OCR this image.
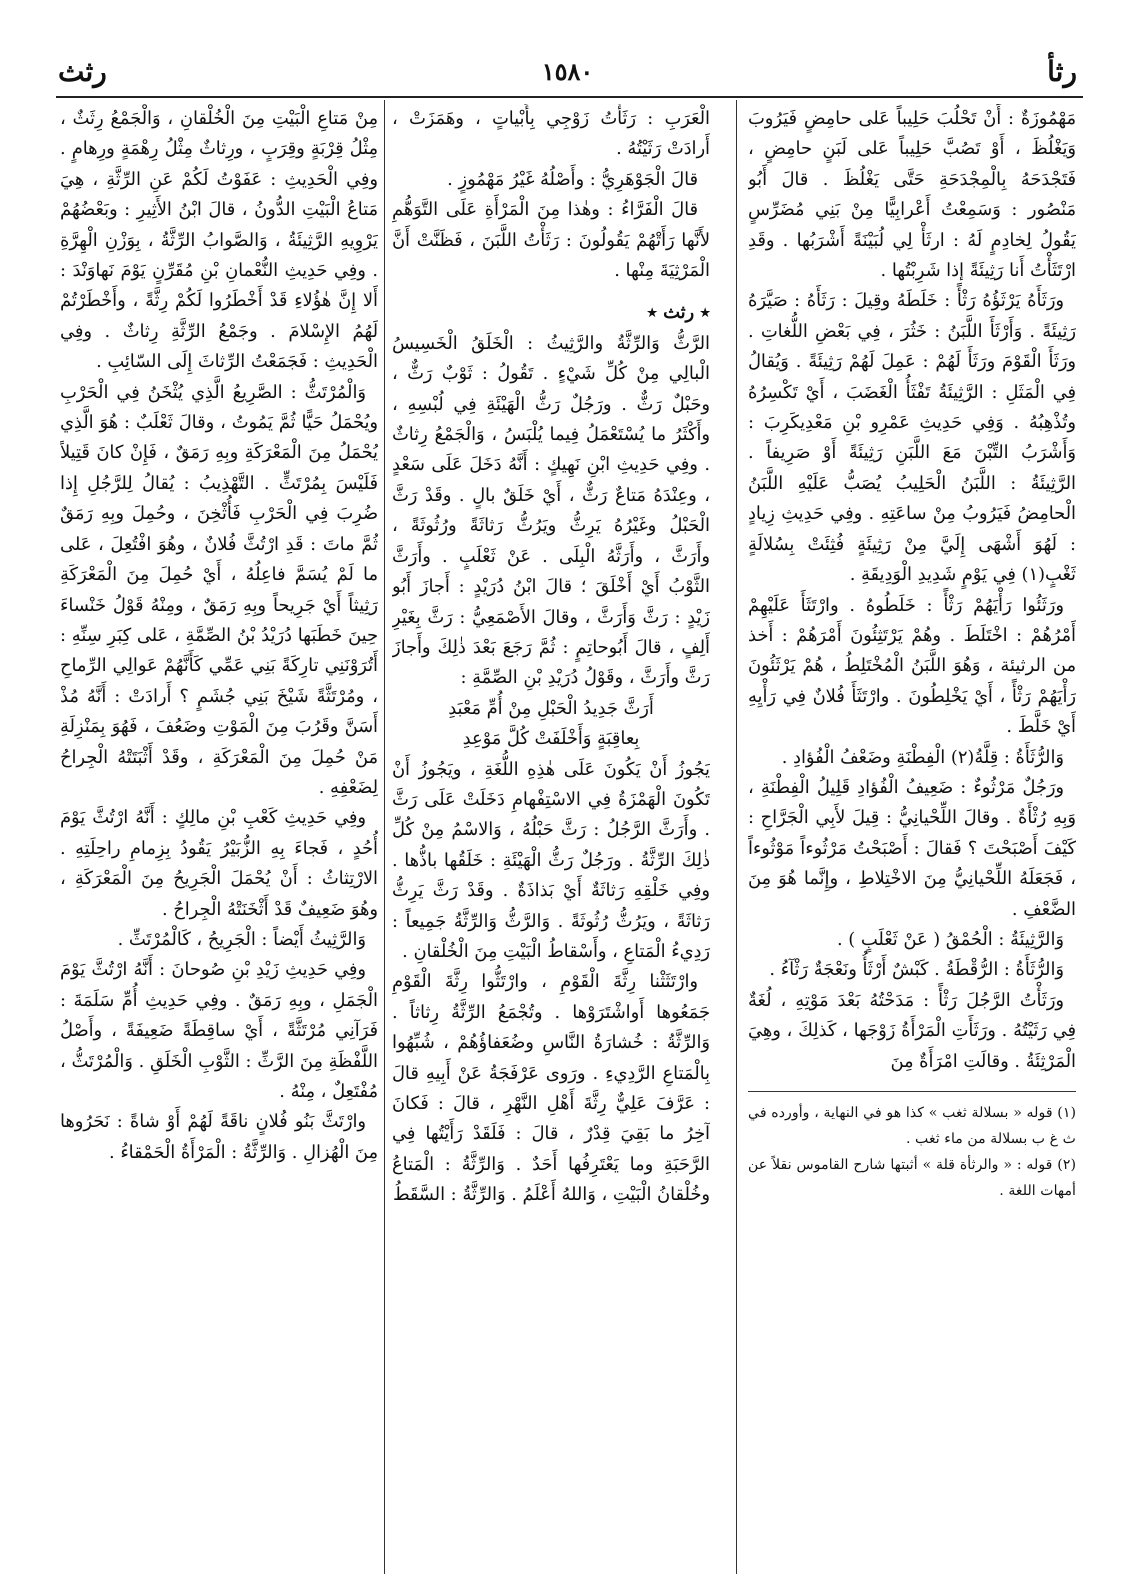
رثث	١٥٨٠	رثأ

مَهْمُوزَةٌ : أَنْ تَحْلُبَ حَلِيباً عَلى حامِضٍ فَيَرُوبَ وَيَغْلُظَ ، أَوْ تَصُبَّ حَلِيباً عَلى لَبَنٍ حامِضٍ ، فَتَجْدَحَهُ بِالْمِجْدَحَةِ حَتَّى يَغْلُظَ . قالَ أَبُو مَنْصُور : وَسَمِعْتُ أَعْرابِيًّا مِنْ بَنِي مُضَرِّسٍ يَقُولُ لِخادِمٍ لَهُ : ارثَأْ لِي لُبَيْنَةً أَشْرَبُها . وقَدِ ارْتَثَأْتُ أَنا رَثِيئَةً إذا شَرِبْتُها .

ورَثَأَهُ يَرْثَؤُهُ رَثْأً : خَلَطَهُ وقِيلَ : رَثَأَهُ : صَيَّرَهُ رَثِيئَةً . وَأَرْثَأَ اللَّبَنُ : خَثُرَ ، فِي بَعْضِ اللُّغاتِ . ورَثَأَ الْقَوْمَ ورَثَأَ لَهُمْ : عَمِلَ لَهُمْ رَثِيئَةً . وَيُقالُ فِي الْمَثَلِ : الرَّثِيئَةُ تَفْثَأُ الْغَضَبَ ، أَيْ تَكْسِرُهُ وتُذْهِبُهُ . وَفِي حَدِيثِ عَمْرِو بْنِ مَعْدِيكَرِبَ : وَأَشْرَبُ التِّبْنَ مَعَ اللَّبَنِ رَثِيئَةً أَوْ صَرِيفاً . الرَّثِيئَةُ : اللَّبَنُ الْحَلِيبُ يُصَبُّ عَلَيْهِ اللَّبَنُ الْحامِضُ فَيَرُوبُ مِنْ ساعَتِهِ . وفِي حَدِيثِ زِيادٍ : لَهُوَ أَشْهَى إِلَيَّ مِنْ رَثِيئَةٍ فُثِئَتْ بِسُلالَةٍ ثَغْبٍ(١) فِي يَوْمٍ شَدِيدِ الْوَدِيقَةِ .

ورَثَئُوا رَأْيَهُمْ رَثْأً : خَلَطُوهُ . وارْتَثَأَ عَلَيْهِمْ أَمْرُهُمْ : اخْتَلَطَ . وهُمْ يَرْتَثِئُونَ أَمْرَهُمْ : أَخذ من الرثيئة ، وَهُوَ اللَّبَنُ الْمُخْتَلِطُ ، هُمْ يَرْثَئُونَ رَأْيَهُمْ رَثْأً ، أَيْ يَخْلِطُونَ . وارْتَثَأَ فُلانٌ فِي رَأْيِهِ أَيْ خَلَّطَ .

وَالرُّثَأَةُ : قِلَّةُ(٢) الْفِطْنَةِ وضَعْفُ الْفُؤادِ .

ورَجُلٌ مَرْثُوءٌ : ضَعِيفُ الْفُؤادِ قَلِيلُ الْفِطْنَةِ ، وَبِهِ رُثْأَةٌ . وقالَ اللِّحْيانِيُّ : قِيلَ لأَبِي الْجَرَّاحِ : كَيْفَ أَصْبَحْتَ ؟ فَقالَ : أَصْبَحْتُ مَرْثُوءاً مَوْثُوءاً ، فَجَعَلَهُ اللِّحْيانِيُّ مِنَ الاخْتِلاطِ ، وإِنَّما هُوَ مِنَ الضَّعْفِ .

وَالرَّثِيئَةُ : الْحُمْقُ ( عَنْ ثَعْلَبٍ ) .

وَالرُّثَأَةُ : الرُّقْطَةُ . كَبْشٌ أَرْثَأُ ونَعْجَةٌ رَثْآءُ .

ورَثَأْتُ الرَّجُلَ رَثْأً : مَدَحْتُهُ بَعْدَ مَوْتِهِ ، لُغَةٌ فِي رَثَيْتُهُ . ورَثَأَتِ الْمَرْأَةُ زَوْجَها ، كَذلِكَ ، وهِيَ الْمَرْثِئَةُ . وقالَتِ امْرَأَةٌ مِنَ

(١) قوله « بسلالة ثغب » كذا هو في النهاية ، وأورده في ث غ ب بسلالة من ماء ثغب .

(٢) قوله : « والرثأة قلة » أثبتها شارح القاموس نقلاً عن أمهات اللغة .

الْعَرَبِ : رَثَأْتُ زَوْجِي بِأَبْياتٍ ، وهَمَزَتْ ، أَرادَتْ رَثَيْتُهُ .

قالَ الْجَوْهَرِيُّ : وأَصْلُهُ غَيْرُ مَهْمُوزٍ .

قالَ الْفَرَّاءُ : وهٰذا مِنَ الْمَرْأَةِ عَلَى التَّوَهُّمِ لأَنَّها رَأَتْهُمْ يَقُولُونَ : رَثَأْتُ اللَّبَنَ ، فَظَنَّتْ أَنَّ الْمَرْثِيَةَ مِنْها .

٭ رثث ٭

الرَّثُّ وَالرِّثَّةُ والرَّثِيثُ : الْخَلَقُ الْخَسِيسُ الْبالِي مِنْ كُلِّ شَيْءٍ . تَقُولُ : ثَوْبٌ رَثٌّ ، وحَبْلٌ رَثٌّ . ورَجُلٌ رَثُّ الْهَيْئَةِ فِي لُبْسِهِ ، وأَكْثَرُ ما يُسْتَعْمَلُ فِيما يُلْبَسُ ، وَالْجَمْعُ رِثاثٌ . وفِي حَدِيثِ ابْنِ نَهِيكٍ : أَنَّهُ دَخَلَ عَلَى سَعْدٍ ، وعِنْدَهُ مَتاعٌ رَثٌّ ، أَيْ خَلَقٌ بالٍ . وقَدْ رَثَّ الْحَبْلُ وغَيْرُهُ يَرِثُّ ويَرُثُّ رَثاثَةً ورُثُوثَةً ، وأَرَثَّ ، وأَرَثَّهُ الْبِلَى . عَنْ ثَعْلَبٍ . وأَرَثَّ الثَّوْبُ أَيْ أَخْلَقَ ؛ قالَ ابْنُ دُرَيْدٍ : أَجازَ أَبُو زَيْدٍ : رَثَّ وَأَرَثَّ ، وقالَ الأَصْمَعِيُّ : رَثَّ بِغَيْرِ أَلِفٍ ، قالَ أَبُوحاتِمٍ : ثُمَّ رَجَعَ بَعْدَ ذٰلِكَ وأَجازَ رَثَّ وأَرَثَّ ، وقَوْلُ دُرَيْدِ بْنِ الصِّمَّةِ :

أَرَثَّ جَدِيدُ الْحَبْلِ مِنْ أُمِّ مَعْبَدِ

بِعاقِبَةٍ وَأَخْلَفَتْ كُلَّ مَوْعِدِ

يَجُوزُ أَنْ يَكُونَ عَلَى هٰذِهِ اللُّغَةِ ، ويَجُوزُ أَنْ تَكُونَ الْهَمْزَةُ فِي الاسْتِفْهامِ دَخَلَتْ عَلَى رَثَّ . وأَرَثَّ الرَّجُلُ : رَثَّ حَبْلُهُ ، وَالاسْمُ مِنْ كُلِّ ذٰلِكَ الرِّثَّةُ . ورَجُلٌ رَثُّ الْهَيْئَةِ : خَلَقُها باذُّها . وفِي خَلْقِهِ رَثاثَةٌ أَيْ بَذاذَةٌ . وقَدْ رَثَّ يَرِثُّ رَثاثَةً ، ويَرُثُّ رُثُوثَةً . وَالرَّثُّ وَالرِّثَّةُ جَمِيعاً : رَدِيءُ الْمَتاعِ ، وأَسْقاطُ الْبَيْتِ مِنَ الْخُلْقانِ .

وارْتَثَثْنا رِثَّةَ الْقَوْمِ ، وارْتَثُّوا رِثَّةَ الْقَوْمِ جَمَعُوها أَواشْتَرَوْها . وتُجْمَعُ الرِّثَّةُ رِثاثاً . وَالرِّثَّةُ : خُشارَةُ النَّاسِ وضُعَفاؤُهُمْ ، شُبِّهُوا بِالْمَتاعِ الرَّدِيءِ . ورَوى عَرْفَجَةُ عَنْ أَبِيهِ قالَ : عَرَّفَ عَلِيٌّ رِثَّةَ أَهْلِ النَّهْرِ ، قالَ : فَكانَ آخِرُ ما بَقِيَ قِدْرٌ ، قالَ : فَلَقَدْ رَأَيْتُها فِي الرَّحَبَةِ وما يَعْتَرِفُها أَحَدٌ . وَالرِّثَّةُ : الْمَتاعُ وخُلْقانُ الْبَيْتِ ، وَاللهُ أَعْلَمُ . وَالرِّثَّةُ : السَّقَطُ

مِنْ مَتاعِ الْبَيْتِ مِنَ الْخُلْقانِ ، وَالْجَمْعُ رِثَثٌ ، مِثْلُ قِرْبَةٍ وقِرَبٍ ، ورِثاثٌ مِثْلُ رِهْمَةٍ ورِهامٍ . وفِي الْحَدِيثِ : عَفَوْتُ لَكُمْ عَنِ الرِّثَّةِ ، هِيَ مَتاعُ الْبَيْتِ الدُّونُ ، قالَ ابْنُ الأَثِيرِ : وبَعْضُهُمْ يَرْوِيهِ الرَّثِيئَةُ ، وَالصَّوابُ الرِّثَّةُ ، بِوَزْنِ الْهِرَّةِ . وفِي حَدِيثِ النُّعْمانِ بْنِ مُقَرِّنٍ يَوْمَ نَهاوَنْدَ : أَلا إِنَّ هٰؤُلاءِ قَدْ أَخْطَرُوا لَكُمْ رِثَّةً ، وأَخْطَرْتُمْ لَهُمُ الإِسْلامَ . وجَمْعُ الرِّثَّةِ رِثاثٌ . وفِي الْحَدِيثِ : فَجَمَعْتُ الرِّثاثَ إِلَى السّائِبِ .

وَالْمُرْتَثُّ : الصَّرِيعُ الَّذِي يُثْخَنُ فِي الْحَرْبِ ويُحْمَلُ حَيًّا ثُمَّ يَمُوتُ ، وقالَ ثَعْلَبٌ : هُوَ الَّذِي يُحْمَلُ مِنَ الْمَعْرَكَةِ وبِهِ رَمَقٌ ، فَإِنْ كانَ قَتِيلاً فَلَيْسَ بِمُرْتَثٍّ . التَّهْذِيبُ : يُقالُ لِلرَّجُلِ إِذا ضُرِبَ فِي الْحَرْبِ فَأُثْخِنَ ، وحُمِلَ وبِهِ رَمَقٌ ثُمَّ ماتَ : قَدِ ارْتُثَّ فُلانٌ ، وهُوَ افْتُعِلَ ، عَلى ما لَمْ يُسَمَّ فاعِلُهُ ، أَيْ حُمِلَ مِنَ الْمَعْرَكَةِ رَثِيثاً أَيْ جَرِيحاً وبِهِ رَمَقٌ ، ومِنْهُ قَوْلُ خَنْساءَ حِينَ خَطَبَها دُرَيْدُ بْنُ الصِّمَّةِ ، عَلى كِبَرِ سِنِّهِ : أَتُرَوْنَنِي تارِكَةً بَنِي عَمِّي كَأَنَّهُمْ عَوالِي الرِّماحِ ، ومُرْتَثَّةً شَيْخَ بَنِي جُشَمٍ ؟ أَرادَتْ : أَنَّهُ مُذْ أَسَنَّ وقَرُبَ مِنَ الْمَوْتِ وضَعُفَ ، فَهُوَ بِمَنْزِلَةِ مَنْ حُمِلَ مِنَ الْمَعْرَكَةِ ، وقَدْ أَثْبَتَتْهُ الْجِراحُ لِضَعْفِهِ .

وفِي حَدِيثِ كَعْبِ بْنِ مالِكٍ : أَنَّهُ ارْتُثَّ يَوْمَ أُحُدٍ ، فَجاءَ بِهِ الزُّبَيْرُ يَقُودُ بِزِمامِ راحِلَتِهِ . الارْتِثاثُ : أَنْ يُحْمَلَ الْجَرِيحُ مِنَ الْمَعْرَكَةِ ، وهُوَ ضَعِيفٌ قَدْ أَثْخَنَتْهُ الْجِراحُ .

وَالرَّثِيثُ أَيْضاً : الْجَرِيحُ ، كَالْمُرْتَثِّ .

وفِي حَدِيثِ زَيْدِ بْنِ صُوحانَ : أَنَّهُ ارْتُثَّ يَوْمَ الْجَمَلِ ، وبِهِ رَمَقٌ . وفِي حَدِيثِ أُمِّ سَلَمَةَ : فَرَآنِي مُرْتَثَّةً ، أَيْ ساقِطَةً ضَعِيفَةً ، وأَصْلُ اللَّفْظَةِ مِنَ الرَّثِّ : الثَّوْبِ الْخَلَقِ . وَالْمُرْتَثُّ ، مُفْتَعِلٌ ، مِنْهُ .

وارْتَثَّ بَنُو فُلانٍ ناقَةً لَهُمْ أَوْ شاةً : نَحَرُوها مِنَ الْهُزالِ . وَالرِّثَّةُ : الْمَرْأَةُ الْحَمْقاءُ .
